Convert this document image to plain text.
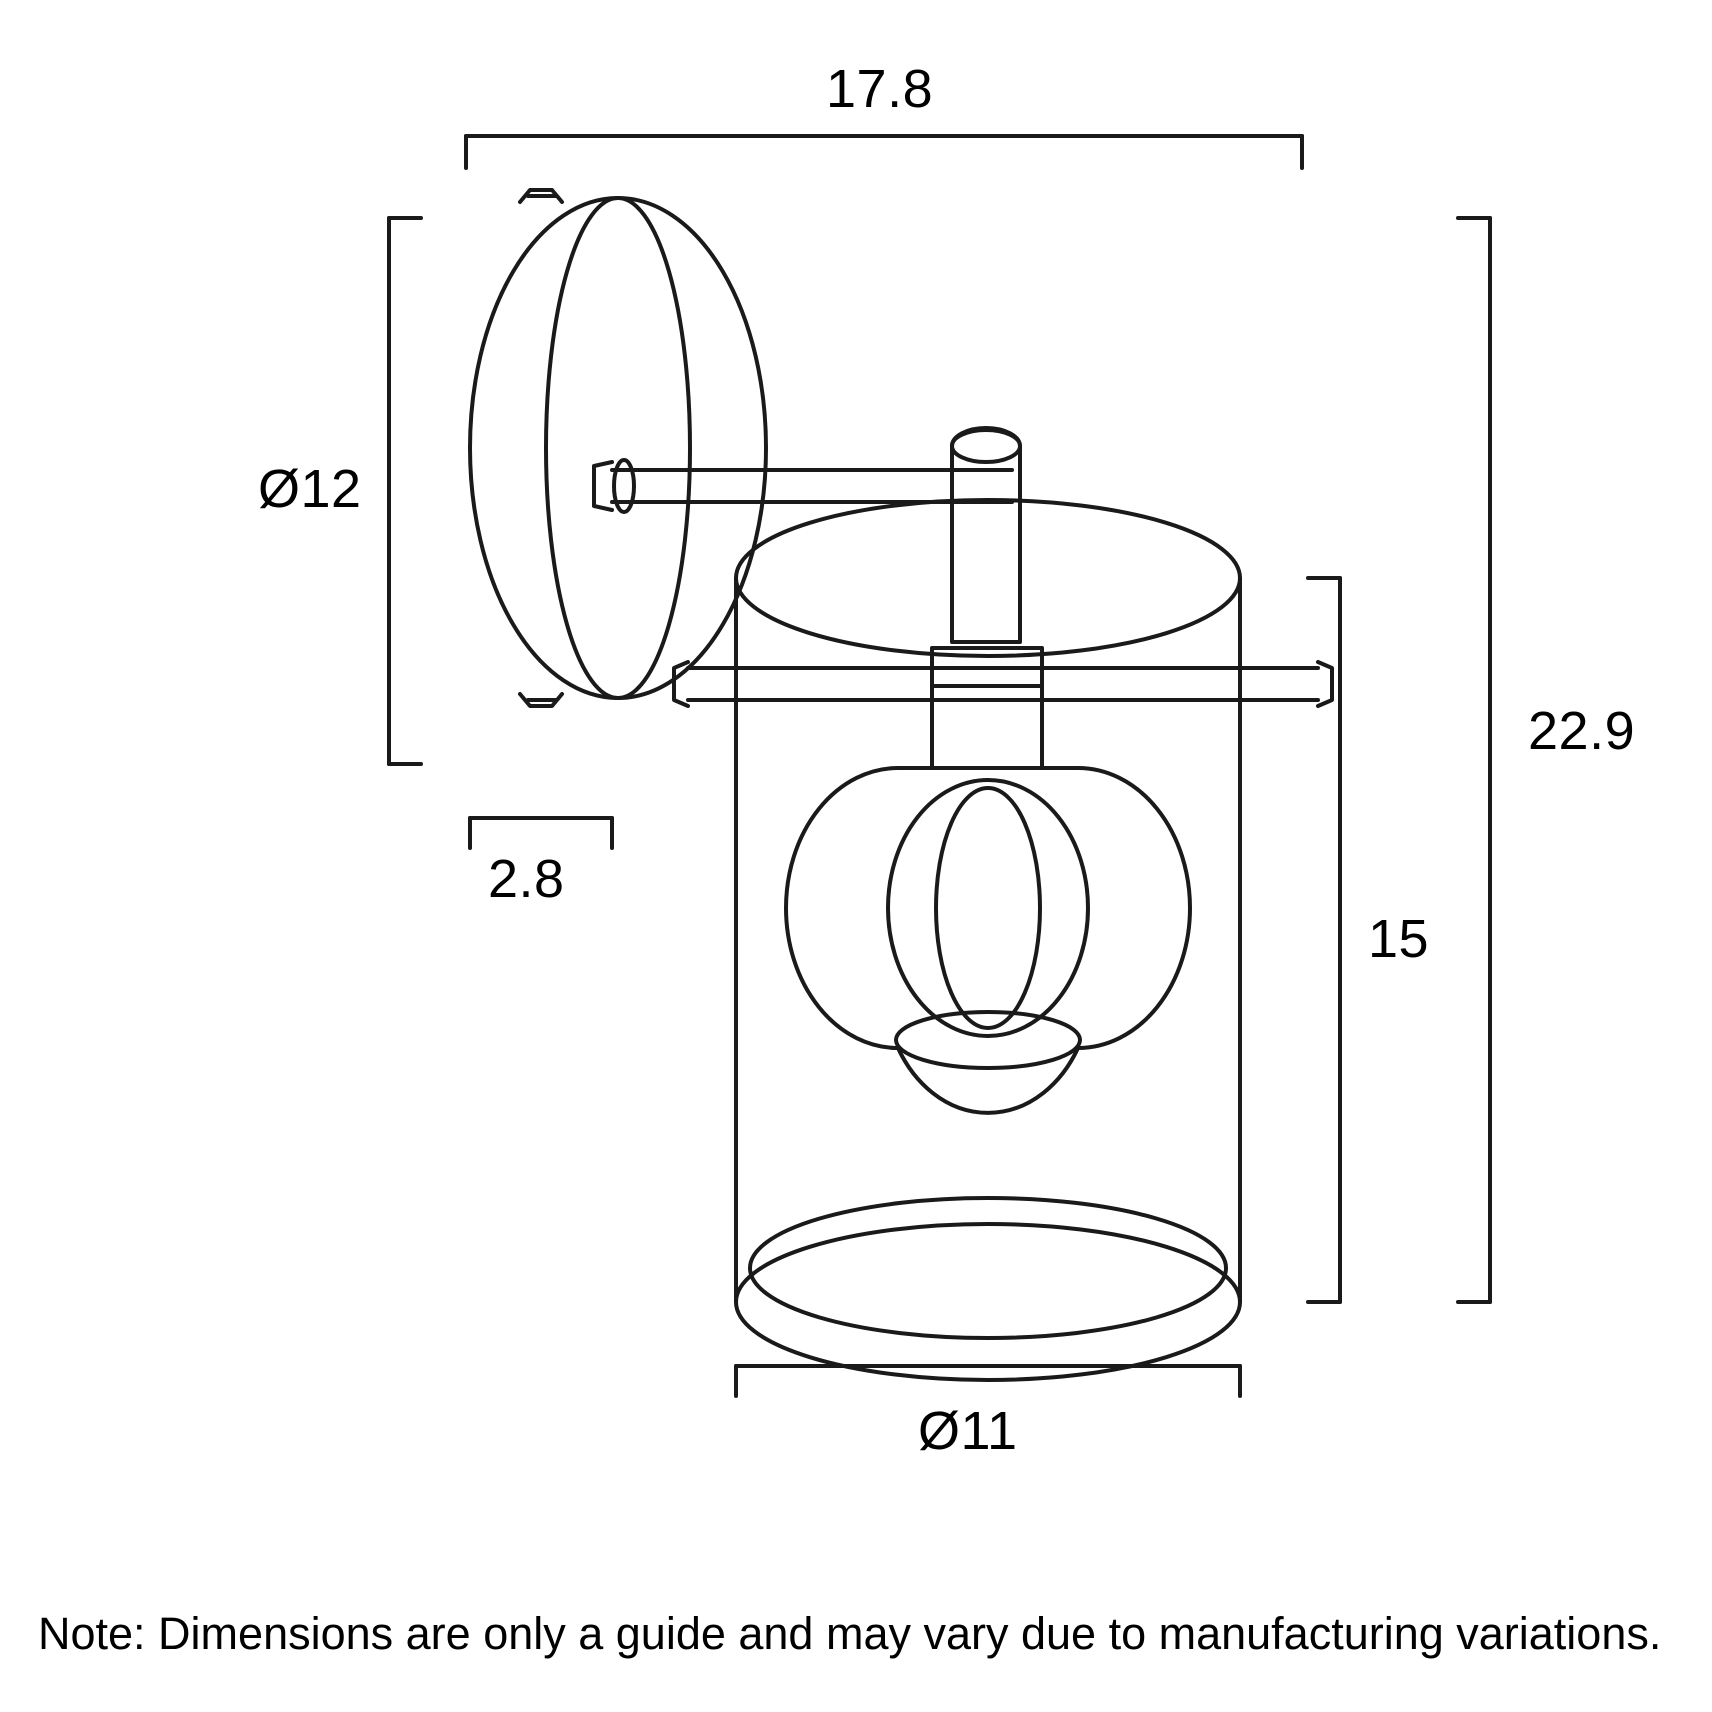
17.8
Ø12
2.8
22.9
15
Ø11
Note: Dimensions are only a guide and may vary due to manufacturing variations.
